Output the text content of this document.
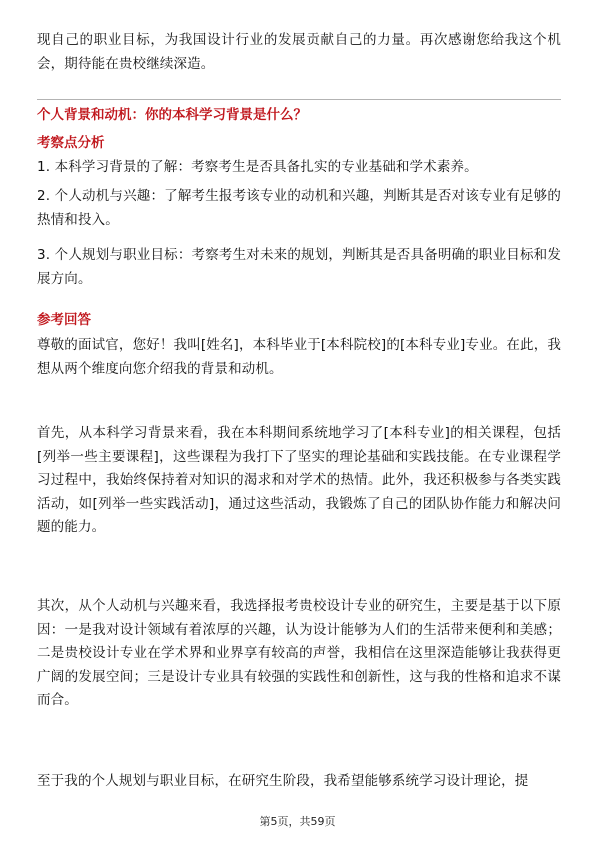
现自己的职业目标，为我国设计行业的发展贡献自己的力量。再次感谢您给我这个机会，期待能在贵校继续深造。

个人背景和动机：你的本科学习背景是什么？

考察点分析

1. 本科学习背景的了解：考察考生是否具备扎实的专业基础和学术素养。

2. 个人动机与兴趣：了解考生报考该专业的动机和兴趣，判断其是否对该专业有足够的热情和投入。

3. 个人规划与职业目标：考察考生对未来的规划，判断其是否具备明确的职业目标和发展方向。

参考回答

尊敬的面试官，您好！我叫[姓名]，本科毕业于[本科院校]的[本科专业]专业。在此，我想从两个维度向您介绍我的背景和动机。

首先，从本科学习背景来看，我在本科期间系统地学习了[本科专业]的相关课程，包括[列举一些主要课程]，这些课程为我打下了坚实的理论基础和实践技能。在专业课程学习过程中，我始终保持着对知识的渴求和对学术的热情。此外，我还积极参与各类实践活动，如[列举一些实践活动]，通过这些活动，我锻炼了自己的团队协作能力和解决问题的能力。

其次，从个人动机与兴趣来看，我选择报考贵校设计专业的研究生，主要是基于以下原因：一是我对设计领域有着浓厚的兴趣，认为设计能够为人们的生活带来便利和美感；二是贵校设计专业在学术界和业界享有较高的声誉，我相信在这里深造能够让我获得更广阔的发展空间；三是设计专业具有较强的实践性和创新性，这与我的性格和追求不谋而合。

至于我的个人规划与职业目标，在研究生阶段，我希望能够系统学习设计理论，提

第5页，共59页
